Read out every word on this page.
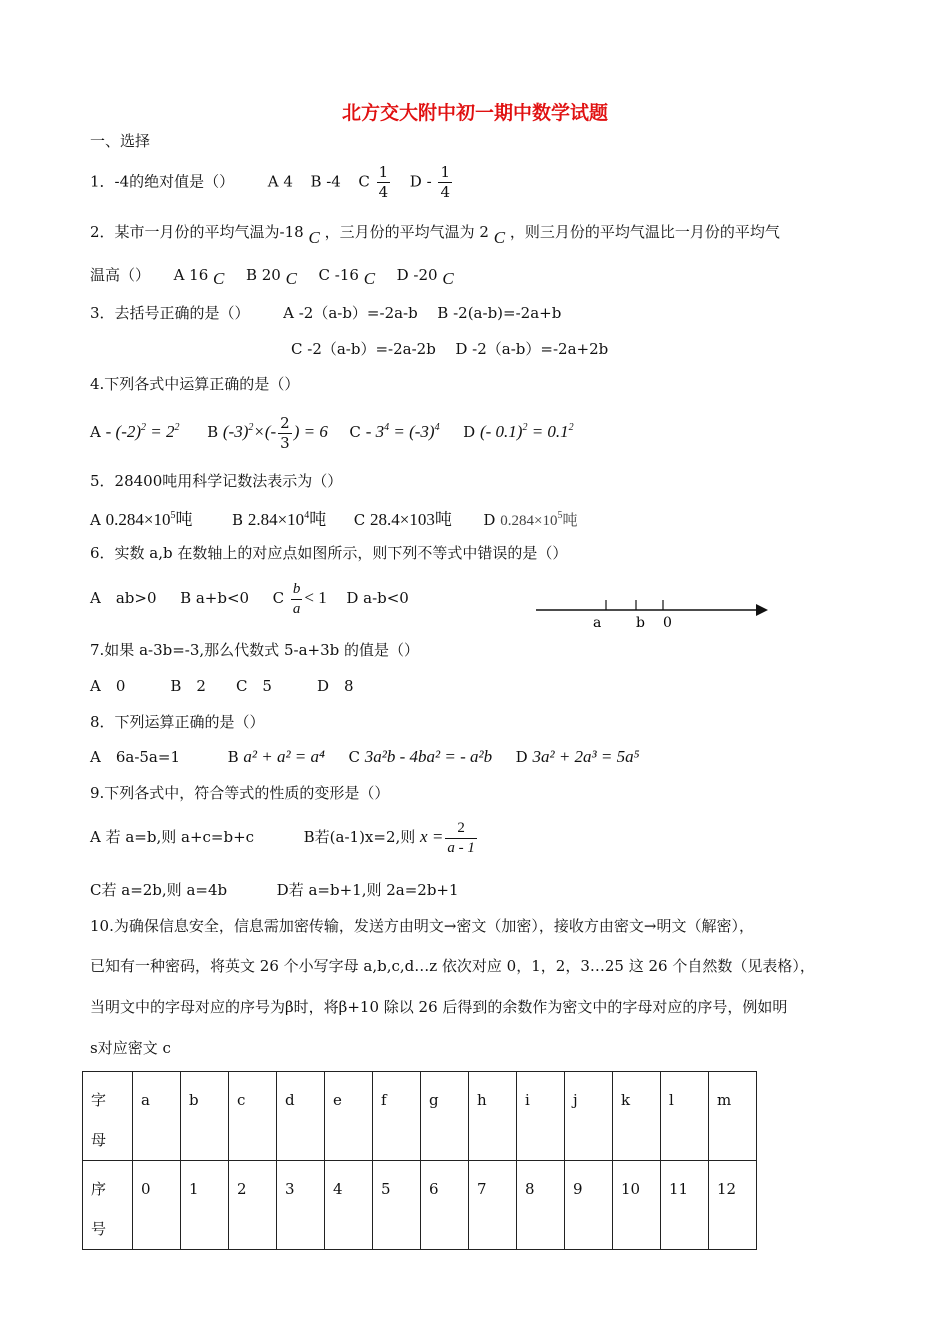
北方交大附中初一期中数学试题
一、选择
1．-4的绝对值是（） A 4 B -4 C $\frac{1}{4}$ D - $\frac{1}{4}$
2．某市一月份的平均气温为-18 C ，三月份的平均气温为 2 C ，则三月份的平均气温比一月份的平均气
温高（） A 16 C B 20 C C -16 C D -20 C
3．去括号正确的是（） A -2（a-b）=-2a-b B -2(a-b)=-2a+b
C -2（a-b）=-2a-2b D -2（a-b）=-2a+2b
4.下列各式中运算正确的是（）
$A - (-2)^2 = 2^2$ B $(-3)^2\times(- \frac{2}{3}$ ) = 6 $C - 3^4 = (-3)^4$ D (- $0.1)^2 = 0.1^2$
5．28400吨用科学记数法表示为（）
A $0.284\times 10^5$吨	B $2.84\times 10^4$吨 C 28.4×103吨 D $0.284\times 10^5$吨
6．实数 a,b 在数轴上的对应点如图所示，则下列不等式中错误的是（）
A　ab>0 B a+b<0 C $\frac{b}{a} < 1$ D a-b<0
a b 0
7.如果 a-3b=-3,那么代数式 5-a+3b 的值是（）
A　0　　　B　2　　C　5　　　D　8
8．下列运算正确的是（）
A　6a-5a=1	B a² + a² = a⁴ C 3a²b - 4ba² = - a²b D 3a² + 2a³ = 5a⁵
9.下列各式中，符合等式的性质的变形是（）
A 若 a=b,则 a+c=b+c	B若(a-1)x=2,则 $x = \frac{2}{a - 1}$
C若 a=2b,则 a=4b	D若 a=b+1,则 2a=2b+1
10.为确保信息安全，信息需加密传输，发送方由明文→密文（加密），接收方由密文→明文（解密），
已知有一种密码，将英文 26 个小写字母 a,b,c,d…z 依次对应 0，1，2，3…25 这 26 个自然数（见表格），
当明文中的字母对应的序号为β时，将β+10 除以 26 后得到的余数作为密文中的字母对应的序号，例如明
s对应密文 c
字
母	a	b	c	d	e	f	g	h	i	j	k	l	m
序
号	0	1	2	3	4	5	6	7	8	9	10	11	12
